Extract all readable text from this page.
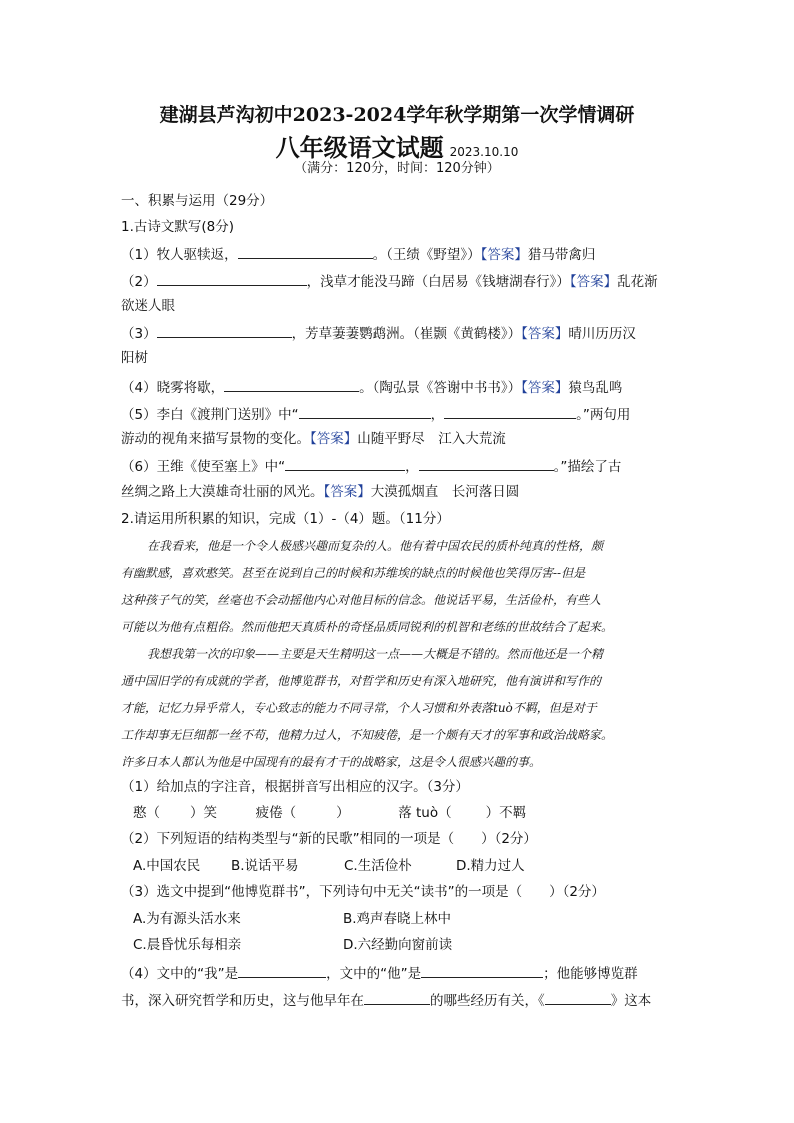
建湖县芦沟初中2023-2024学年秋学期第一次学情调研
八年级语文试题 2023.10.10
（满分：120分，时间：120分钟）
一、积累与运用（29分）
1.古诗文默写(8分)
（1）牧人驱犊返，	。（王绩《野望》）【答案】猎马带禽归
（2）	，浅草才能没马蹄（白居易《钱塘湖春行》）【答案】乱花渐
欲迷人眼
（3）	，芳草萋萋鹦鹉洲。（崔颢《黄鹤楼》）【答案】晴川历历汉
阳树
（4）晓雾将歇，	。（陶弘景《答谢中书书》）【答案】猿鸟乱鸣
（5）李白《渡荆门送别》中“	，	。”两句用
游动的视角来描写景物的变化。【答案】山随平野尽　江入大荒流
（6）王维《使至塞上》中“	，	。”描绘了古
丝绸之路上大漠雄奇壮丽的风光。【答案】大漠孤烟直　长河落日圆
2.请运用所积累的知识，完成（1）-（4）题。（11分）
在我看来，他是一个令人极感兴趣而复杂的人。他有着中国农民的质朴纯真的性格，颇
有幽默感，喜欢憨笑。甚至在说到自己的时候和苏维埃的缺点的时候他也笑得厉害--但是
这种孩子气的笑，丝毫也不会动摇他内心对他目标的信念。他说话平易，生活俭朴，有些人
可能以为他有点粗俗。然而他把天真质朴的奇怪品质同锐利的机智和老练的世故结合了起来。
我想我第一次的印象——主要是天生精明这一点——大概是不错的。然而他还是一个精
通中国旧学的有成就的学者，他博览群书，对哲学和历史有深入地研究，他有演讲和写作的
才能，记忆力异乎常人，专心致志的能力不同寻常，个人习惯和外表落tuò不羁，但是对于
工作却事无巨细都一丝不苟，他精力过人，不知疲倦，是一个颇有天才的军事和政治战略家。
许多日本人都认为他是中国现有的最有才干的战略家，这是令人很感兴趣的事。
（1）给加点的字注音，根据拼音写出相应的汉字。（3分）
憨（ ）笑	疲倦（	）	落 tuò（	）不羁
（2）下列短语的结构类型与“新的民歌”相同的一项是（　　）（2分）
A.中国农民 B.说话平易	C.生活俭朴	D.精力过人
（3）选文中提到“他博览群书”，下列诗句中无关“读书”的一项是（　　）（2分）
A.为有源头活水来	B.鸡声春晓上林中
C.晨昏忧乐每相亲	D.六经勤向窗前读
（4）文中的“我”是	，文中的“他”是	；他能够博览群
书，深入研究哲学和历史，这与他早年在	的哪些经历有关，《	》这本
